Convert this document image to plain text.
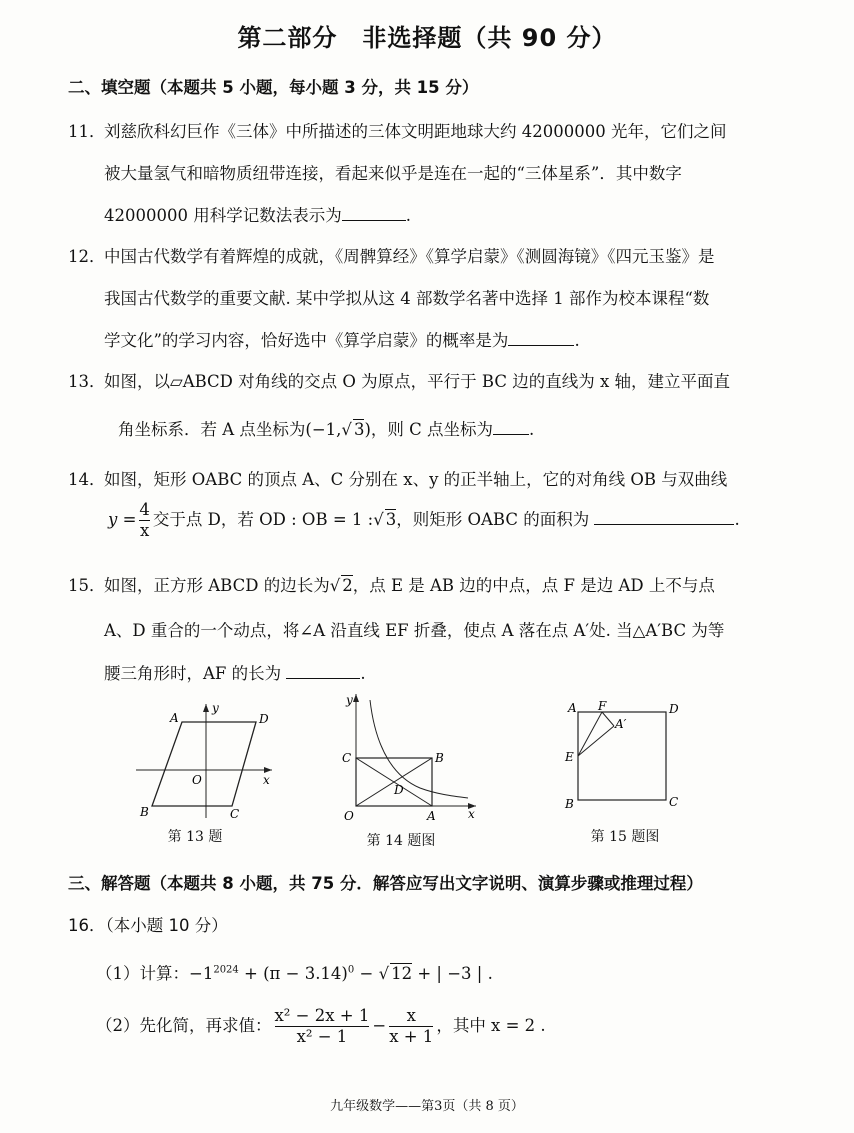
第二部分　非选择题（共 90 分）
二、填空题（本题共 5 小题，每小题 3 分，共 15 分）
11．
刘慈欣科幻巨作《三体》中所描述的三体文明距地球大约 42000000 光年，它们之间
被大量氢气和暗物质纽带连接，看起来似乎是连在一起的“三体星系”．其中数字
42000000 用科学记数法表示为	.
12．
中国古代数学有着辉煌的成就，《周髀算经》《算学启蒙》《测圆海镜》《四元玉鉴》是
我国古代数学的重要文献. 某中学拟从这 4 部数学名著中选择 1 部作为校本课程“数
学文化”的学习内容，恰好选中《算学启蒙》的概率是为	.
13．
如图，以▱ABCD 对角线的交点 O 为原点，平行于 BC 边的直线为 x 轴，建立平面直
角坐标系．若 A 点坐标为(−1,√ 3)，则 C 点坐标为 .
14．
如图，矩形 OABC 的顶点 A、C 分别在 x、y 的正半轴上，它的对角线 OB 与双曲线
$y = \frac{4}{x}$ 交于点 D，若 OD : OB = 1 :√ 3，则矩形 OABC 的面积为	.
15．
如图，正方形 ABCD 的边长为√ 2，点 E 是 AB 边的中点，点 F 是边 AD 上不与点
A、D 重合的一个动点，将∠A 沿直线 EF 折叠，使点 A 落在点 A′处. 当△A′BC 为等
腰三角形时，AF 的长为	.
A	D
B	C
O	x
y
第 13 题
y
C	B
D
O	A	x
第 14 题图
A F
A′
D
E
B	C
第 15 题图
三、解答题（本题共 8 小题，共 75 分．解答应写出文字说明、演算步骤或推理过程）
16．（本小题 10 分）
（1）计算：$-1^{2024} + (\pi - 3.14)^0$ − √ 12 + | −3 | .
（2）先化简，再求值： $\frac{\text{x² − 2x + 1}}{\text{x² − 1}} - \frac{x}{x + 1}$ ，其中 x = 2 .
九年级数学——第3页（共 8 页）
